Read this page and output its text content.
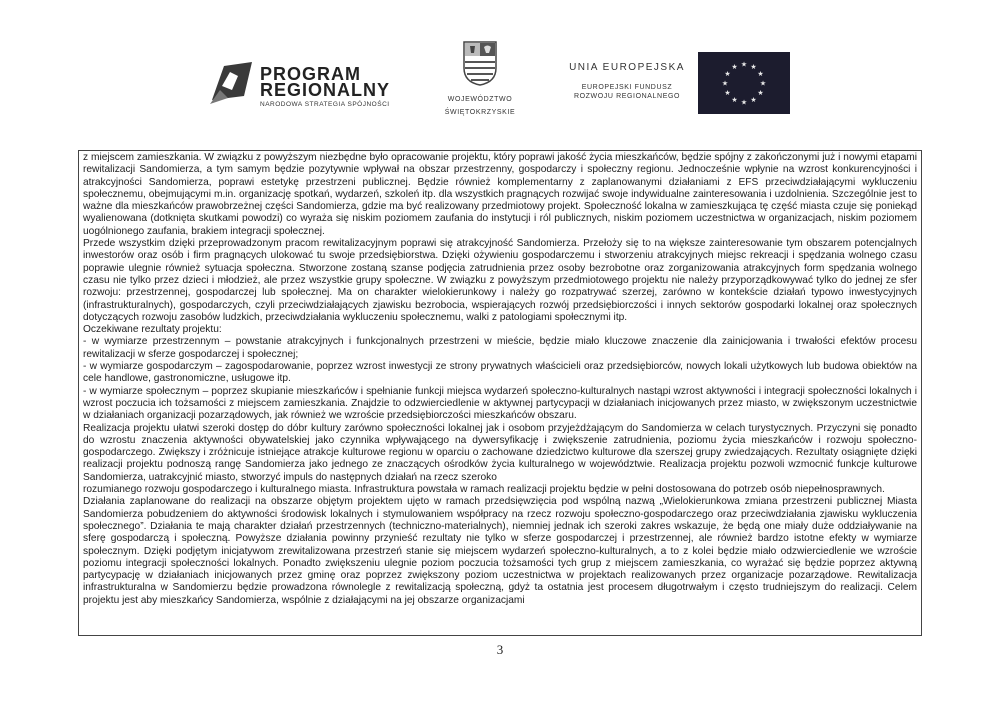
PROGRAM
REGIONALNY
NARODOWA STRATEGIA SPÓJNOŚCI
WOJEWÓDZTWO
ŚWIĘTOKRZYSKIE
UNIA EUROPEJSKA
EUROPEJSKI FUNDUSZ
ROZWOJU REGIONALNEGO
★ ★
★
★
★
★
★
★
★
★
★
★

z miejscem zamieszkania. W związku z powyższym niezbędne było opracowanie projektu, który poprawi jakość życia mieszkańców, będzie spójny z zakończonymi już i nowymi etapami rewitalizacji Sandomierza, a tym samym będzie pozytywnie wpływał na obszar przestrzenny, gospodarczy i społeczny regionu. Jednocześnie wpłynie na wzrost konkurencyjności i atrakcyjności Sandomierza, poprawi estetykę przestrzeni publicznej. Będzie również komplementarny z zaplanowanymi działaniami z EFS przeciwdziałającymi wykluczeniu społecznemu, obejmującymi m.in. organizację spotkań, wydarzeń, szkoleń itp. dla wszystkich pragnących rozwijać swoje indywidualne zainteresowania i uzdolnienia. Szczególnie jest to ważne dla mieszkańców prawobrzeżnej części Sandomierza, gdzie ma być realizowany przedmiotowy projekt. Społeczność lokalna w zamieszkująca tę część miasta czuje się poniekąd wyalienowana (dotknięta skutkami powodzi) co wyraża się niskim poziomem zaufania do instytucji i ról publicznych, niskim poziomem uczestnictwa w organizacjach, niskim poziomem uogólnionego zaufania, brakiem integracji społecznej.

Przede wszystkim dzięki przeprowadzonym pracom rewitalizacyjnym poprawi się atrakcyjność Sandomierza. Przełoży się to na większe zainteresowanie tym obszarem potencjalnych inwestorów oraz osób i firm pragnących ulokować tu swoje przedsiębiorstwa. Dzięki ożywieniu gospodarczemu i stworzeniu atrakcyjnych miejsc rekreacji i spędzania wolnego czasu poprawie ulegnie również sytuacja społeczna. Stworzone zostaną szanse podjęcia zatrudnienia przez osoby bezrobotne oraz zorganizowania atrakcyjnych form spędzania wolnego czasu nie tylko przez dzieci i młodzież, ale przez wszystkie grupy społeczne. W związku z powyższym przedmiotowego projektu nie należy przyporządkowywać tylko do jednej ze sfer rozwoju: przestrzennej, gospodarczej lub społecznej. Ma on charakter wielokierunkowy i należy go rozpatrywać szerzej, zarówno w kontekście działań typowo inwestycyjnych (infrastrukturalnych), gospodarczych, czyli przeciwdziałających zjawisku bezrobocia, wspierających rozwój przedsiębiorczości i innych sektorów gospodarki lokalnej oraz społecznych dotyczących rozwoju zasobów ludzkich, przeciwdziałania wykluczeniu społecznemu, walki z patologiami społecznymi itp.

Oczekiwane rezultaty projektu:

- w wymiarze przestrzennym – powstanie atrakcyjnych i funkcjonalnych przestrzeni w mieście, będzie miało kluczowe znaczenie dla zainicjowania i trwałości efektów procesu rewitalizacji w sferze gospodarczej i społecznej;

- w wymiarze gospodarczym – zagospodarowanie, poprzez wzrost inwestycji ze strony prywatnych właścicieli oraz przedsiębiorców, nowych lokali użytkowych lub budowa obiektów na cele handlowe, gastronomiczne, usługowe itp.

- w wymiarze społecznym – poprzez skupianie mieszkańców i spełnianie funkcji miejsca wydarzeń społeczno-kulturalnych nastąpi wzrost aktywności i integracji społeczności lokalnych i wzrost poczucia ich tożsamości z miejscem zamieszkania. Znajdzie to odzwierciedlenie w aktywnej partycypacji w działaniach inicjowanych przez miasto, w zwiększonym uczestnictwie w działaniach organizacji pozarządowych, jak również we wzroście przedsiębiorczości mieszkańców obszaru.

Realizacja projektu ułatwi szeroki dostęp do dóbr kultury zarówno społeczności lokalnej jak i osobom przyjeżdżającym do Sandomierza w celach turystycznych. Przyczyni się ponadto do wzrostu znaczenia aktywności obywatelskiej jako czynnika wpływającego na dywersyfikację i zwiększenie zatrudnienia, poziomu życia mieszkańców i rozwoju społeczno- gospodarczego. Zwiększy i zróżnicuje istniejące atrakcje kulturowe regionu w oparciu o zachowane dziedzictwo kulturowe dla szerszej grupy zwiedzających. Rezultaty osiągnięte dzięki realizacji projektu podnoszą rangę Sandomierza jako jednego ze znaczących ośrodków życia kulturalnego w województwie. Realizacja projektu pozwoli wzmocnić funkcje kulturowe Sandomierza, uatrakcyjnić miasto, stworzyć impuls do następnych działań na rzecz szeroko

rozumianego rozwoju gospodarczego i kulturalnego miasta. Infrastruktura powstała w ramach realizacji projektu będzie w pełni dostosowana do potrzeb osób niepełnosprawnych.

Działania zaplanowane do realizacji na obszarze objętym projektem ujęto w ramach przedsięwzięcia pod wspólną nazwą „Wielokierunkowa zmiana przestrzeni publicznej Miasta Sandomierza pobudzeniem do aktywności środowisk lokalnych i stymulowaniem współpracy na rzecz rozwoju społeczno-gospodarczego oraz przeciwdziałania zjawisku wykluczenia społecznego”. Działania te mają charakter działań przestrzennych (techniczno-materialnych), niemniej jednak ich szeroki zakres wskazuje, że będą one miały duże oddziaływanie na sferę gospodarczą i społeczną. Powyższe działania powinny przynieść rezultaty nie tylko w sferze gospodarczej i przestrzennej, ale również bardzo istotne efekty w wymiarze społecznym. Dzięki podjętym inicjatywom zrewitalizowana przestrzeń stanie się miejscem wydarzeń społeczno-kulturalnych, a to z kolei będzie miało odzwierciedlenie we wzroście poziomu integracji społeczności lokalnych. Ponadto zwiększeniu ulegnie poziom poczucia tożsamości tych grup z miejscem zamieszkania, co wyrażać się będzie poprzez aktywną partycypację w działaniach inicjowanych przez gminę oraz poprzez zwiększony poziom uczestnictwa w projektach realizowanych przez organizacje pozarządowe. Rewitalizacja infrastrukturalna w Sandomierzu będzie prowadzona równolegle z rewitalizacją społeczną, gdyż ta ostatnia jest procesem długotrwałym i często trudniejszym do realizacji. Celem projektu jest aby mieszkańcy Sandomierza, wspólnie z działającymi na jej obszarze organizacjami

3
